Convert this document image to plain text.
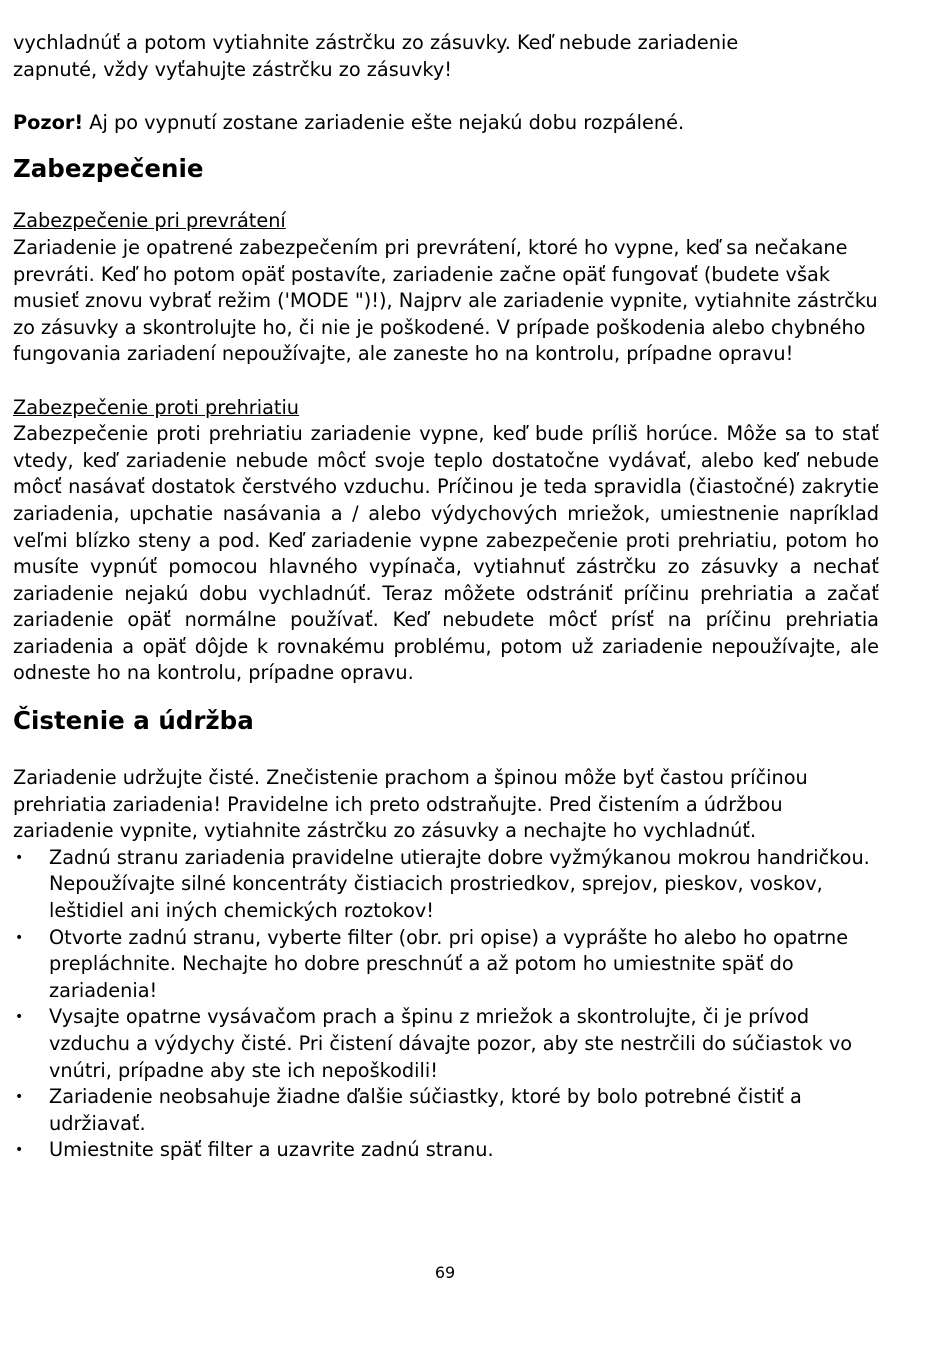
vychladnúť a potom vytiahnite zástrčku zo zásuvky. Keď nebude zariadenie
zapnuté, vždy vyťahujte zástrčku zo zásuvky!

Pozor! Aj po vypnutí zostane zariadenie ešte nejakú dobu rozpálené.

Zabezpečenie

Zabezpečenie pri prevrátení

Zariadenie je opatrené zabezpečením pri prevrátení, ktoré ho vypne, keď sa nečakane prevráti. Keď ho potom opäť postavíte, zariadenie začne opäť fungovať (budete však musieť znovu vybrať režim ('MODE ")!), Najprv ale zariadenie vypnite, vytiahnite zástrčku zo zásuvky a skontrolujte ho, či nie je poškodené. V prípade poškodenia alebo chybného fungovania zariadení nepoužívajte, ale zaneste ho na kontrolu, prípadne opravu!

Zabezpečenie proti prehriatiu

Zabezpečenie proti prehriatiu zariadenie vypne, keď bude príliš horúce. Môže sa to stať vtedy, keď zariadenie nebude môcť svoje teplo dostatočne vydávať, alebo keď nebude môcť nasávať dostatok čerstvého vzduchu. Príčinou je teda spravidla (čiastočné) zakrytie zariadenia, upchatie nasávania a / alebo výdychových mriežok, umiestnenie napríklad veľmi blízko steny a pod. Keď zariadenie vypne zabezpečenie proti prehriatiu, potom ho musíte vypnúť pomocou hlavného vypínača, vytiahnuť zástrčku zo zásuvky a nechať zariadenie nejakú dobu vychladnúť. Teraz môžete odstrániť príčinu prehriatia a začať zariadenie opäť normálne používať. Keď nebudete môcť prísť na príčinu prehriatia zariadenia a opäť dôjde k rovnakému problému, potom už zariadenie nepoužívajte, ale odneste ho na kontrolu, prípadne opravu.

Čistenie a údržba

Zariadenie udržujte čisté. Znečistenie prachom a špinou môže byť častou príčinou prehriatia zariadenia! Pravidelne ich preto odstraňujte. Pred čistením a údržbou zariadenie vypnite, vytiahnite zástrčku zo zásuvky a nechajte ho vychladnúť.

• Zadnú stranu zariadenia pravidelne utierajte dobre vyžmýkanou mokrou handričkou. Nepoužívajte silné koncentráty čistiacich prostriedkov, sprejov, pieskov, voskov, leštidiel ani iných chemických roztokov!
• Otvorte zadnú stranu, vyberte filter (obr. pri opise) a vyprášte ho alebo ho opatrne prepláchnite. Nechajte ho dobre preschnúť a až potom ho umiestnite späť do zariadenia!
• Vysajte opatrne vysávačom prach a špinu z mriežok a skontrolujte, či je prívod vzduchu a výdychy čisté. Pri čistení dávajte pozor, aby ste nestrčili do súčiastok vo vnútri, prípadne aby ste ich nepoškodili!
• Zariadenie neobsahuje žiadne ďalšie súčiastky, ktoré by bolo potrebné čistiť a udržiavať.
• Umiestnite späť filter a uzavrite zadnú stranu.
69
